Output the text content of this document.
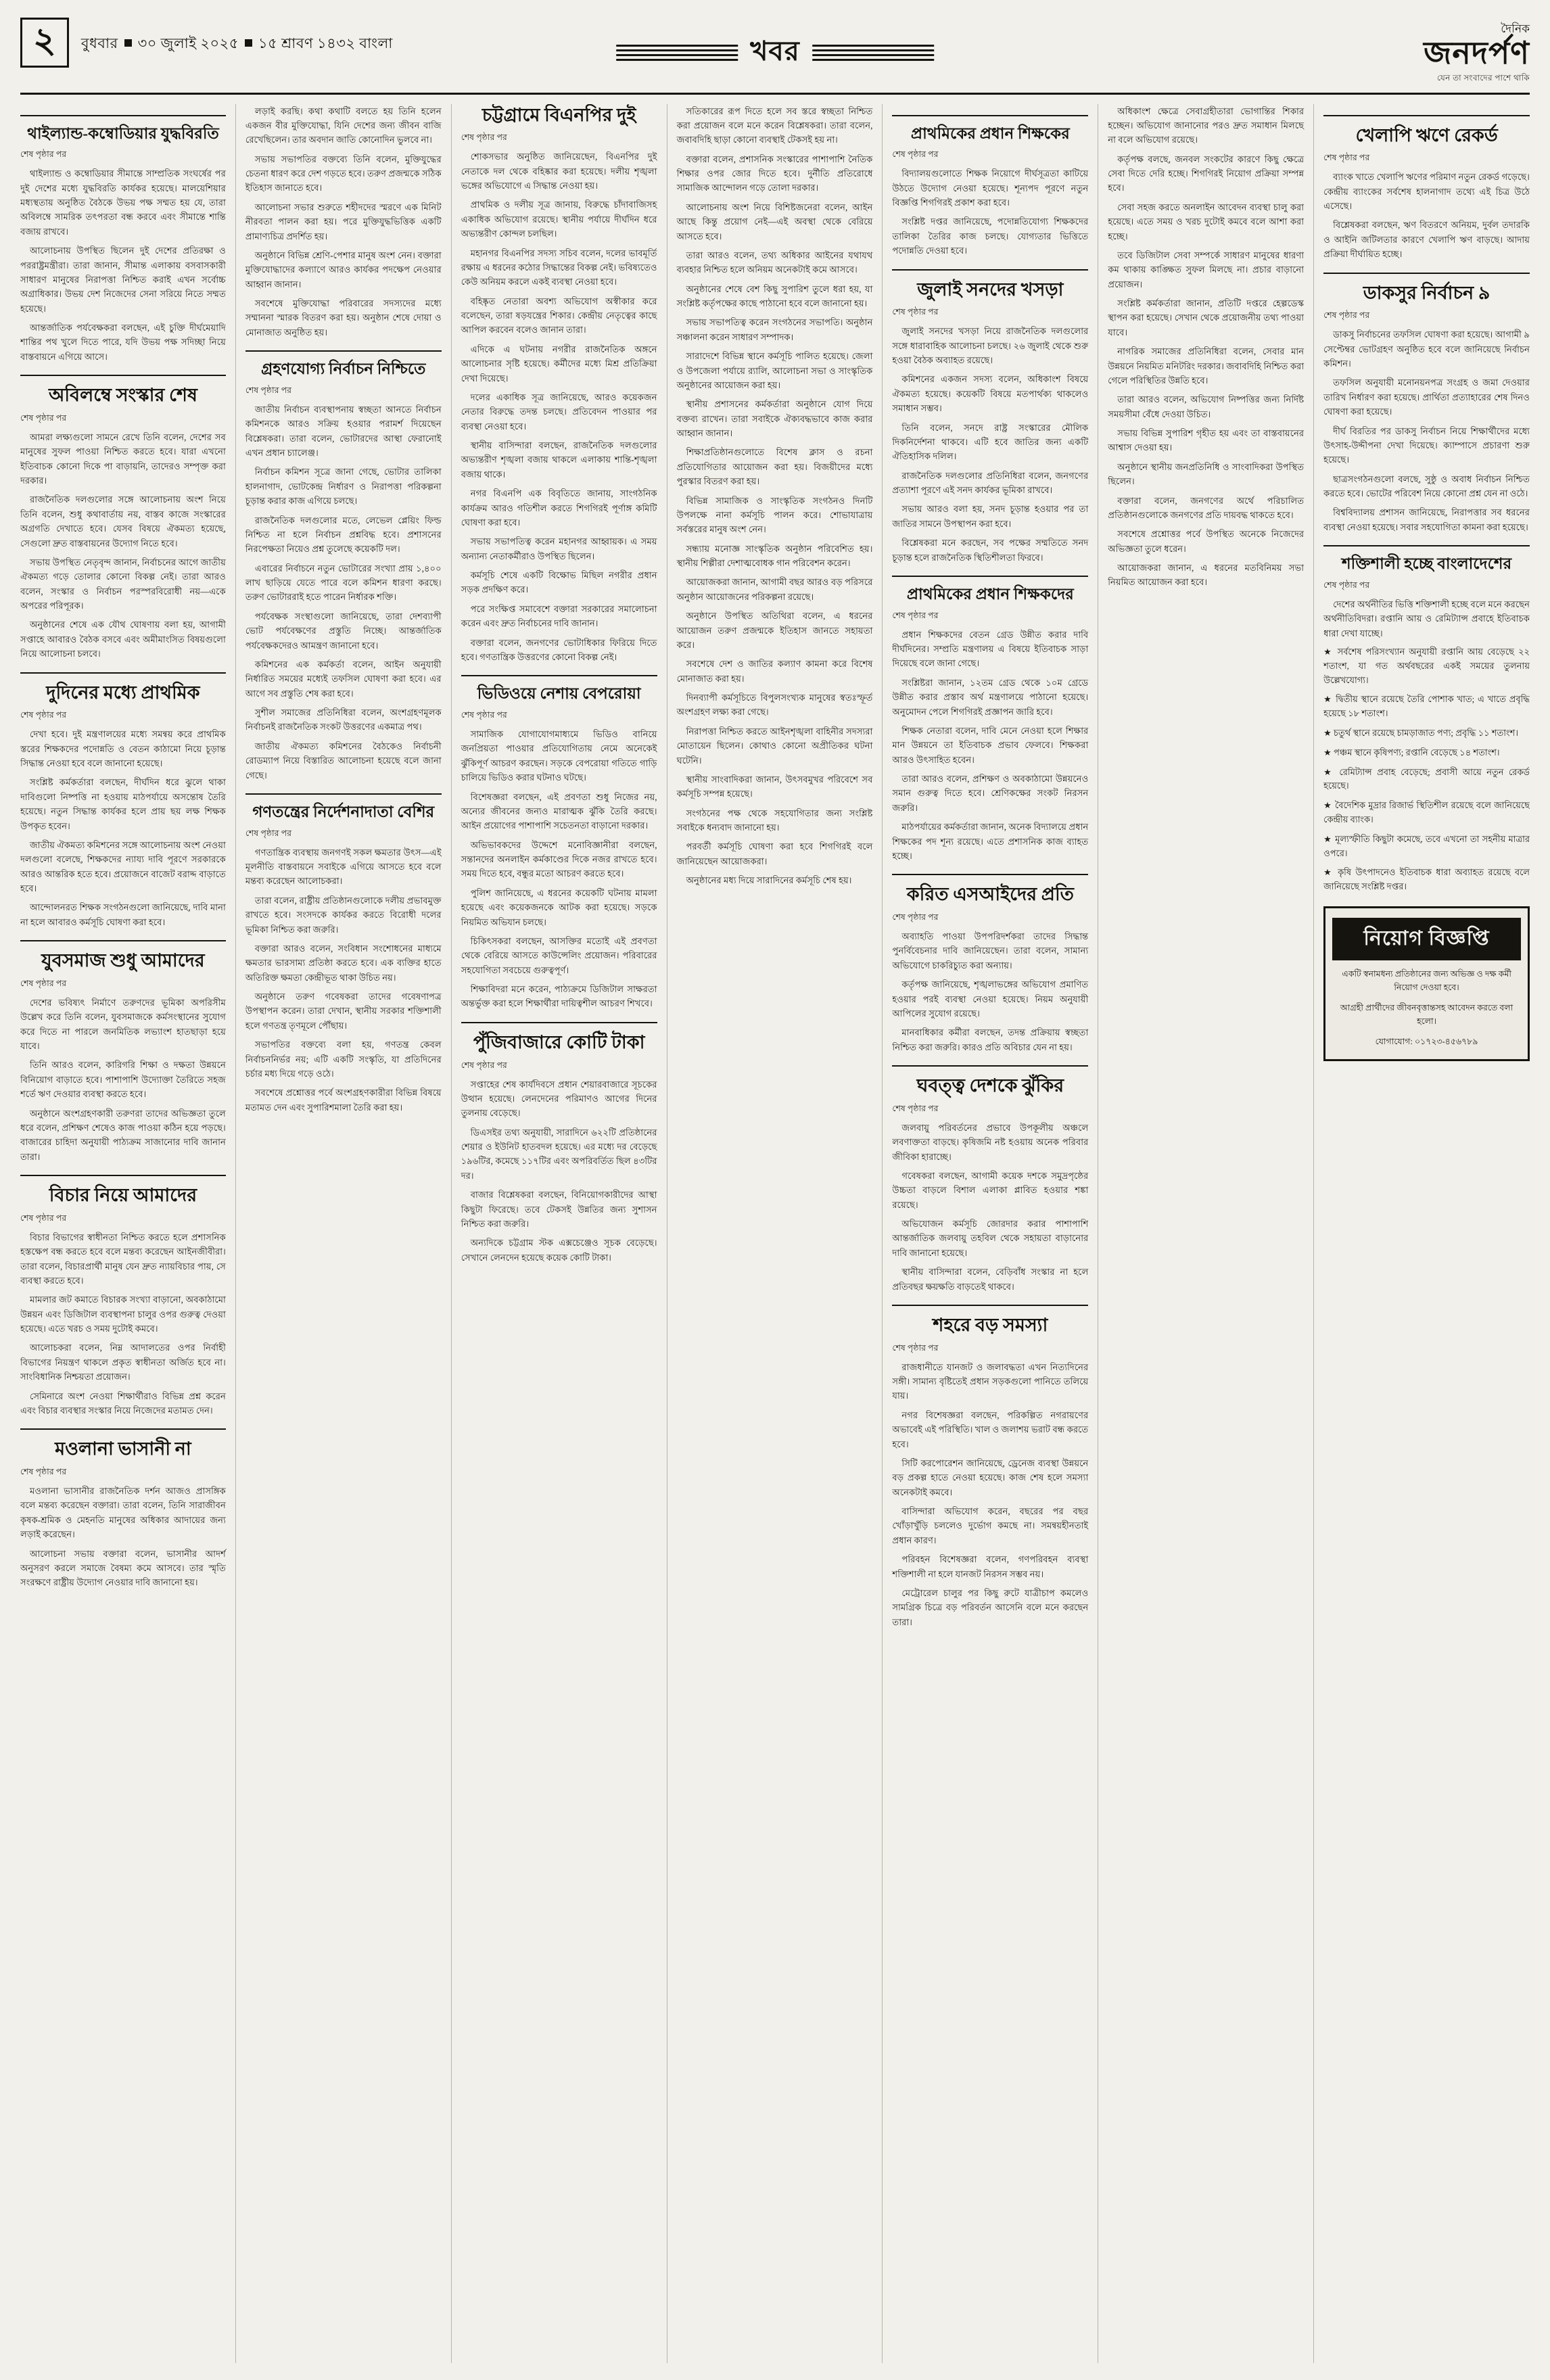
২	বুধবার ৩০ জুলাই ২০২৫ ১৫ শ্রাবণ ১৪৩২ বাংলা	খবর
দৈনিক
জনদর্পণ
যেন তা সংবাদের পাশে থাকি
থাইল্যান্ড-কম্বোডিয়ার যুদ্ধবিরতি
শেষ পৃষ্ঠার পর

থাইল্যান্ড ও কম্বোডিয়ার সীমান্তে সাম্প্রতিক সংঘর্ষের পর দুই দেশের মধ্যে যুদ্ধবিরতি কার্যকর হয়েছে। মালয়েশিয়ার মধ্যস্থতায় অনুষ্ঠিত বৈঠকে উভয় পক্ষ সম্মত হয় যে, তারা অবিলম্বে সামরিক তৎপরতা বন্ধ করবে এবং সীমান্তে শান্তি বজায় রাখবে।

আলোচনায় উপস্থিত ছিলেন দুই দেশের প্রতিরক্ষা ও পররাষ্ট্রমন্ত্রীরা। তারা জানান, সীমান্ত এলাকায় বসবাসকারী সাধারণ মানুষের নিরাপত্তা নিশ্চিত করাই এখন সর্বোচ্চ অগ্রাধিকার। উভয় দেশ নিজেদের সেনা সরিয়ে নিতে সম্মত হয়েছে।

আন্তর্জাতিক পর্যবেক্ষকরা বলছেন, এই চুক্তি দীর্ঘমেয়াদি শান্তির পথ খুলে দিতে পারে, যদি উভয় পক্ষ সদিচ্ছা নিয়ে বাস্তবায়নে এগিয়ে আসে।

অবিলম্বে সংস্কার শেষ
শেষ পৃষ্ঠার পর

আমরা লক্ষ্যগুলো সামনে রেখে তিনি বলেন, দেশের সব মানুষের সুফল পাওয়া নিশ্চিত করতে হবে। যারা এখনো ইতিবাচক কোনো দিকে পা বাড়ায়নি, তাদেরও সম্পৃক্ত করা দরকার।

রাজনৈতিক দলগুলোর সঙ্গে আলোচনায় অংশ নিয়ে তিনি বলেন, শুধু কথাবার্তায় নয়, বাস্তব কাজে সংস্কারের অগ্রগতি দেখাতে হবে। যেসব বিষয়ে ঐকমত্য হয়েছে, সেগুলো দ্রুত বাস্তবায়নের উদ্যোগ নিতে হবে।

সভায় উপস্থিত নেতৃবৃন্দ জানান, নির্বাচনের আগে জাতীয় ঐকমত্য গড়ে তোলার কোনো বিকল্প নেই। তারা আরও বলেন, সংস্কার ও নির্বাচন পরস্পরবিরোধী নয়—একে অপরের পরিপূরক।

অনুষ্ঠানের শেষে এক যৌথ ঘোষণায় বলা হয়, আগামী সপ্তাহে আবারও বৈঠক বসবে এবং অমীমাংসিত বিষয়গুলো নিয়ে আলোচনা চলবে।

দুদিনের মধ্যে প্রাথমিক
শেষ পৃষ্ঠার পর

দেখা হবে। দুই মন্ত্রণালয়ের মধ্যে সমন্বয় করে প্রাথমিক স্তরের শিক্ষকদের পদোন্নতি ও বেতন কাঠামো নিয়ে চূড়ান্ত সিদ্ধান্ত নেওয়া হবে বলে জানানো হয়েছে।

সংশ্লিষ্ট কর্মকর্তারা বলছেন, দীর্ঘদিন ধরে ঝুলে থাকা দাবিগুলো নিষ্পত্তি না হওয়ায় মাঠপর্যায়ে অসন্তোষ তৈরি হয়েছে। নতুন সিদ্ধান্ত কার্যকর হলে প্রায় ছয় লক্ষ শিক্ষক উপকৃত হবেন।

জাতীয় ঐকমত্য কমিশনের সঙ্গে আলোচনায় অংশ নেওয়া দলগুলো বলেছে, শিক্ষকদের ন্যায্য দাবি পূরণে সরকারকে আরও আন্তরিক হতে হবে। প্রয়োজনে বাজেট বরাদ্দ বাড়াতে হবে।

আন্দোলনরত শিক্ষক সংগঠনগুলো জানিয়েছে, দাবি মানা না হলে আবারও কর্মসূচি ঘোষণা করা হবে।

যুবসমাজ শুধু আমাদের
শেষ পৃষ্ঠার পর

দেশের ভবিষ্যৎ নির্মাণে তরুণদের ভূমিকা অপরিসীম উল্লেখ করে তিনি বলেন, যুবসমাজকে কর্মসংস্থানের সুযোগ করে দিতে না পারলে জনমিতিক লভ্যাংশ হাতছাড়া হয়ে যাবে।

তিনি আরও বলেন, কারিগরি শিক্ষা ও দক্ষতা উন্নয়নে বিনিয়োগ বাড়াতে হবে। পাশাপাশি উদ্যোক্তা তৈরিতে সহজ শর্তে ঋণ দেওয়ার ব্যবস্থা করতে হবে।

অনুষ্ঠানে অংশগ্রহণকারী তরুণরা তাদের অভিজ্ঞতা তুলে ধরে বলেন, প্রশিক্ষণ শেষেও কাজ পাওয়া কঠিন হয়ে পড়ছে। বাজারের চাহিদা অনুযায়ী পাঠ্যক্রম সাজানোর দাবি জানান তারা।

বিচার নিয়ে আমাদের
শেষ পৃষ্ঠার পর

বিচার বিভাগের স্বাধীনতা নিশ্চিত করতে হলে প্রশাসনিক হস্তক্ষেপ বন্ধ করতে হবে বলে মন্তব্য করেছেন আইনজীবীরা। তারা বলেন, বিচারপ্রার্থী মানুষ যেন দ্রুত ন্যায়বিচার পায়, সে ব্যবস্থা করতে হবে।

মামলার জট কমাতে বিচারক সংখ্যা বাড়ানো, অবকাঠামো উন্নয়ন এবং ডিজিটাল ব্যবস্থাপনা চালুর ওপর গুরুত্ব দেওয়া হয়েছে। এতে খরচ ও সময় দুটোই কমবে।

আলোচকরা বলেন, নিম্ন আদালতের ওপর নির্বাহী বিভাগের নিয়ন্ত্রণ থাকলে প্রকৃত স্বাধীনতা অর্জিত হবে না। সাংবিধানিক নিশ্চয়তা প্রয়োজন।

সেমিনারে অংশ নেওয়া শিক্ষার্থীরাও বিভিন্ন প্রশ্ন করেন এবং বিচার ব্যবস্থার সংস্কার নিয়ে নিজেদের মতামত দেন।

মওলানা ভাসানী না
শেষ পৃষ্ঠার পর

মওলানা ভাসানীর রাজনৈতিক দর্শন আজও প্রাসঙ্গিক বলে মন্তব্য করেছেন বক্তারা। তারা বলেন, তিনি সারাজীবন কৃষক-শ্রমিক ও মেহনতি মানুষের অধিকার আদায়ের জন্য লড়াই করেছেন।

আলোচনা সভায় বক্তারা বলেন, ভাসানীর আদর্শ অনুসরণ করলে সমাজে বৈষম্য কমে আসবে। তার স্মৃতি সংরক্ষণে রাষ্ট্রীয় উদ্যোগ নেওয়ার দাবি জানানো হয়।

লড়াই করছি। কথা কথাটি বলতে হয় তিনি হলেন একজন বীর মুক্তিযোদ্ধা, যিনি দেশের জন্য জীবন বাজি রেখেছিলেন। তার অবদান জাতি কোনোদিন ভুলবে না।

সভায় সভাপতির বক্তব্যে তিনি বলেন, মুক্তিযুদ্ধের চেতনা ধারণ করে দেশ গড়তে হবে। তরুণ প্রজন্মকে সঠিক ইতিহাস জানাতে হবে।

আলোচনা সভার শুরুতে শহীদদের স্মরণে এক মিনিট নীরবতা পালন করা হয়। পরে মুক্তিযুদ্ধভিত্তিক একটি প্রামাণ্যচিত্র প্রদর্শিত হয়।

অনুষ্ঠানে বিভিন্ন শ্রেণি-পেশার মানুষ অংশ নেন। বক্তারা মুক্তিযোদ্ধাদের কল্যাণে আরও কার্যকর পদক্ষেপ নেওয়ার আহ্বান জানান।

সবশেষে মুক্তিযোদ্ধা পরিবারের সদস্যদের মধ্যে সম্মাননা স্মারক বিতরণ করা হয়। অনুষ্ঠান শেষে দোয়া ও মোনাজাত অনুষ্ঠিত হয়।

গ্রহণযোগ্য নির্বাচন নিশ্চিতে
শেষ পৃষ্ঠার পর

জাতীয় নির্বাচন ব্যবস্থাপনায় স্বচ্ছতা আনতে নির্বাচন কমিশনকে আরও সক্রিয় হওয়ার পরামর্শ দিয়েছেন বিশ্লেষকরা। তারা বলেন, ভোটারদের আস্থা ফেরানোই এখন প্রধান চ্যালেঞ্জ।

নির্বাচন কমিশন সূত্রে জানা গেছে, ভোটার তালিকা হালনাগাদ, ভোটকেন্দ্র নির্ধারণ ও নিরাপত্তা পরিকল্পনা চূড়ান্ত করার কাজ এগিয়ে চলছে।

রাজনৈতিক দলগুলোর মতে, লেভেল প্লেয়িং ফিল্ড নিশ্চিত না হলে নির্বাচন প্রশ্নবিদ্ধ হবে। প্রশাসনের নিরপেক্ষতা নিয়েও প্রশ্ন তুলেছে কয়েকটি দল।

এবারের নির্বাচনে নতুন ভোটারের সংখ্যা প্রায় ১,৪০০ লাখ ছাড়িয়ে যেতে পারে বলে কমিশন ধারণা করছে। তরুণ ভোটাররাই হতে পারেন নির্ধারক শক্তি।

পর্যবেক্ষক সংস্থাগুলো জানিয়েছে, তারা দেশব্যাপী ভোট পর্যবেক্ষণের প্রস্তুতি নিচ্ছে। আন্তর্জাতিক পর্যবেক্ষকদেরও আমন্ত্রণ জানানো হবে।

কমিশনের এক কর্মকর্তা বলেন, আইন অনুযায়ী নির্ধারিত সময়ের মধ্যেই তফসিল ঘোষণা করা হবে। এর আগে সব প্রস্তুতি শেষ করা হবে।

সুশীল সমাজের প্রতিনিধিরা বলেন, অংশগ্রহণমূলক নির্বাচনই রাজনৈতিক সংকট উত্তরণের একমাত্র পথ।

জাতীয় ঐকমত্য কমিশনের বৈঠকেও নির্বাচনী রোডম্যাপ নিয়ে বিস্তারিত আলোচনা হয়েছে বলে জানা গেছে।

গণতন্ত্রের নির্দেশনাদাতা বেশির
শেষ পৃষ্ঠার পর

গণতান্ত্রিক ব্যবস্থায় জনগণই সকল ক্ষমতার উৎস—এই মূলনীতি বাস্তবায়নে সবাইকে এগিয়ে আসতে হবে বলে মন্তব্য করেছেন আলোচকরা।

তারা বলেন, রাষ্ট্রীয় প্রতিষ্ঠানগুলোকে দলীয় প্রভাবমুক্ত রাখতে হবে। সংসদকে কার্যকর করতে বিরোধী দলের ভূমিকা নিশ্চিত করা জরুরি।

বক্তারা আরও বলেন, সংবিধান সংশোধনের মাধ্যমে ক্ষমতার ভারসাম্য প্রতিষ্ঠা করতে হবে। এক ব্যক্তির হাতে অতিরিক্ত ক্ষমতা কেন্দ্রীভূত থাকা উচিত নয়।

অনুষ্ঠানে তরুণ গবেষকরা তাদের গবেষণাপত্র উপস্থাপন করেন। তারা দেখান, স্থানীয় সরকার শক্তিশালী হলে গণতন্ত্র তৃণমূলে পৌঁছায়।

সভাপতির বক্তব্যে বলা হয়, গণতন্ত্র কেবল নির্বাচননির্ভর নয়; এটি একটি সংস্কৃতি, যা প্রতিদিনের চর্চার মধ্য দিয়ে গড়ে ওঠে।

সবশেষে প্রশ্নোত্তর পর্বে অংশগ্রহণকারীরা বিভিন্ন বিষয়ে মতামত দেন এবং সুপারিশমালা তৈরি করা হয়।

চট্টগ্রামে বিএনপির দুই
শেষ পৃষ্ঠার পর

শোকসভার অনুষ্ঠিত জানিয়েছেন, বিএনপির দুই নেতাকে দল থেকে বহিষ্কার করা হয়েছে। দলীয় শৃঙ্খলা ভঙ্গের অভিযোগে এ সিদ্ধান্ত নেওয়া হয়।

প্রাথমিক ও দলীয় সূত্র জানায়, বিরুদ্ধে চাঁদাবাজিসহ একাধিক অভিযোগ রয়েছে। স্থানীয় পর্যায়ে দীর্ঘদিন ধরে অভ্যন্তরীণ কোন্দল চলছিল।

মহানগর বিএনপির সদস্য সচিব বলেন, দলের ভাবমূর্তি রক্ষায় এ ধরনের কঠোর সিদ্ধান্তের বিকল্প নেই। ভবিষ্যতেও কেউ অনিয়ম করলে একই ব্যবস্থা নেওয়া হবে।

বহিষ্কৃত নেতারা অবশ্য অভিযোগ অস্বীকার করে বলেছেন, তারা ষড়যন্ত্রের শিকার। কেন্দ্রীয় নেতৃত্বের কাছে আপিল করবেন বলেও জানান তারা।

এদিকে এ ঘটনায় নগরীর রাজনৈতিক অঙ্গনে আলোচনার সৃষ্টি হয়েছে। কর্মীদের মধ্যে মিশ্র প্রতিক্রিয়া দেখা দিয়েছে।

দলের একাধিক সূত্র জানিয়েছে, আরও কয়েকজন নেতার বিরুদ্ধে তদন্ত চলছে। প্রতিবেদন পাওয়ার পর ব্যবস্থা নেওয়া হবে।

স্থানীয় বাসিন্দারা বলছেন, রাজনৈতিক দলগুলোর অভ্যন্তরীণ শৃঙ্খলা বজায় থাকলে এলাকায় শান্তি-শৃঙ্খলা বজায় থাকে।

নগর বিএনপি এক বিবৃতিতে জানায়, সাংগঠনিক কার্যক্রম আরও গতিশীল করতে শিগগিরই পূর্ণাঙ্গ কমিটি ঘোষণা করা হবে।

সভায় সভাপতিত্ব করেন মহানগর আহ্বায়ক। এ সময় অন্যান্য নেতাকর্মীরাও উপস্থিত ছিলেন।

কর্মসূচি শেষে একটি বিক্ষোভ মিছিল নগরীর প্রধান সড়ক প্রদক্ষিণ করে।

পরে সংক্ষিপ্ত সমাবেশে বক্তারা সরকারের সমালোচনা করেন এবং দ্রুত নির্বাচনের দাবি জানান।

বক্তারা বলেন, জনগণের ভোটাধিকার ফিরিয়ে দিতে হবে। গণতান্ত্রিক উত্তরণের কোনো বিকল্প নেই।

ভিডিওয়ে নেশায় বেপরোয়া
শেষ পৃষ্ঠার পর

সামাজিক যোগাযোগমাধ্যমে ভিডিও বানিয়ে জনপ্রিয়তা পাওয়ার প্রতিযোগিতায় নেমে অনেকেই ঝুঁকিপূর্ণ আচরণ করছেন। সড়কে বেপরোয়া গতিতে গাড়ি চালিয়ে ভিডিও করার ঘটনাও ঘটছে।

বিশেষজ্ঞরা বলছেন, এই প্রবণতা শুধু নিজের নয়, অন্যের জীবনের জন্যও মারাত্মক ঝুঁকি তৈরি করছে। আইন প্রয়োগের পাশাপাশি সচেতনতা বাড়ানো দরকার।

অভিভাবকদের উদ্দেশে মনোবিজ্ঞানীরা বলছেন, সন্তানদের অনলাইন কর্মকাণ্ডের দিকে নজর রাখতে হবে। সময় দিতে হবে, বন্ধুর মতো আচরণ করতে হবে।

পুলিশ জানিয়েছে, এ ধরনের কয়েকটি ঘটনায় মামলা হয়েছে এবং কয়েকজনকে আটক করা হয়েছে। সড়কে নিয়মিত অভিযান চলছে।

চিকিৎসকরা বলছেন, আসক্তির মতোই এই প্রবণতা থেকে বেরিয়ে আসতে কাউন্সেলিং প্রয়োজন। পরিবারের সহযোগিতা সবচেয়ে গুরুত্বপূর্ণ।

শিক্ষাবিদরা মনে করেন, পাঠ্যক্রমে ডিজিটাল সাক্ষরতা অন্তর্ভুক্ত করা হলে শিক্ষার্থীরা দায়িত্বশীল আচরণ শিখবে।

পুঁজিবাজারে কোটি টাকা
শেষ পৃষ্ঠার পর

সপ্তাহের শেষ কার্যদিবসে প্রধান শেয়ারবাজারে সূচকের উত্থান হয়েছে। লেনদেনের পরিমাণও আগের দিনের তুলনায় বেড়েছে।

ডিএসইর তথ্য অনুযায়ী, সারাদিনে ৬২২টি প্রতিষ্ঠানের শেয়ার ও ইউনিট হাতবদল হয়েছে। এর মধ্যে দর বেড়েছে ১৯৬টির, কমেছে ১১৭টির এবং অপরিবর্তিত ছিল ৪৩টির দর।

বাজার বিশ্লেষকরা বলছেন, বিনিয়োগকারীদের আস্থা কিছুটা ফিরেছে। তবে টেকসই উন্নতির জন্য সুশাসন নিশ্চিত করা জরুরি।

অন্যদিকে চট্টগ্রাম স্টক এক্সচেঞ্জেও সূচক বেড়েছে। সেখানে লেনদেন হয়েছে কয়েক কোটি টাকা।

সতিকারের রূপ দিতে হলে সব স্তরে স্বচ্ছতা নিশ্চিত করা প্রয়োজন বলে মনে করেন বিশ্লেষকরা। তারা বলেন, জবাবদিহি ছাড়া কোনো ব্যবস্থাই টেকসই হয় না।

বক্তারা বলেন, প্রশাসনিক সংস্কারের পাশাপাশি নৈতিক শিক্ষার ওপর জোর দিতে হবে। দুর্নীতি প্রতিরোধে সামাজিক আন্দোলন গড়ে তোলা দরকার।

আলোচনায় অংশ নিয়ে বিশিষ্টজনেরা বলেন, আইন আছে কিন্তু প্রয়োগ নেই—এই অবস্থা থেকে বেরিয়ে আসতে হবে।

তারা আরও বলেন, তথ্য অধিকার আইনের যথাযথ ব্যবহার নিশ্চিত হলে অনিয়ম অনেকটাই কমে আসবে।

অনুষ্ঠানের শেষে বেশ কিছু সুপারিশ তুলে ধরা হয়, যা সংশ্লিষ্ট কর্তৃপক্ষের কাছে পাঠানো হবে বলে জানানো হয়।

সভায় সভাপতিত্ব করেন সংগঠনের সভাপতি। অনুষ্ঠান সঞ্চালনা করেন সাধারণ সম্পাদক।

সারাদেশে বিভিন্ন স্থানে কর্মসূচি পালিত হয়েছে। জেলা ও উপজেলা পর্যায়ে র‍্যালি, আলোচনা সভা ও সাংস্কৃতিক অনুষ্ঠানের আয়োজন করা হয়।

স্থানীয় প্রশাসনের কর্মকর্তারা অনুষ্ঠানে যোগ দিয়ে বক্তব্য রাখেন। তারা সবাইকে ঐক্যবদ্ধভাবে কাজ করার আহ্বান জানান।

শিক্ষাপ্রতিষ্ঠানগুলোতে বিশেষ ক্লাস ও রচনা প্রতিযোগিতার আয়োজন করা হয়। বিজয়ীদের মধ্যে পুরস্কার বিতরণ করা হয়।

বিভিন্ন সামাজিক ও সাংস্কৃতিক সংগঠনও দিনটি উপলক্ষে নানা কর্মসূচি পালন করে। শোভাযাত্রায় সর্বস্তরের মানুষ অংশ নেন।

সন্ধ্যায় মনোজ্ঞ সাংস্কৃতিক অনুষ্ঠান পরিবেশিত হয়। স্থানীয় শিল্পীরা দেশাত্মবোধক গান পরিবেশন করেন।

আয়োজকরা জানান, আগামী বছর আরও বড় পরিসরে অনুষ্ঠান আয়োজনের পরিকল্পনা রয়েছে।

অনুষ্ঠানে উপস্থিত অতিথিরা বলেন, এ ধরনের আয়োজন তরুণ প্রজন্মকে ইতিহাস জানতে সহায়তা করে।

সবশেষে দেশ ও জাতির কল্যাণ কামনা করে বিশেষ মোনাজাত করা হয়।

দিনব্যাপী কর্মসূচিতে বিপুলসংখ্যক মানুষের স্বতঃস্ফূর্ত অংশগ্রহণ লক্ষ্য করা গেছে।

নিরাপত্তা নিশ্চিত করতে আইনশৃঙ্খলা বাহিনীর সদস্যরা মোতায়েন ছিলেন। কোথাও কোনো অপ্রীতিকর ঘটনা ঘটেনি।

স্থানীয় সাংবাদিকরা জানান, উৎসবমুখর পরিবেশে সব কর্মসূচি সম্পন্ন হয়েছে।

সংগঠনের পক্ষ থেকে সহযোগিতার জন্য সংশ্লিষ্ট সবাইকে ধন্যবাদ জানানো হয়।

পরবর্তী কর্মসূচি ঘোষণা করা হবে শিগগিরই বলে জানিয়েছেন আয়োজকরা।

অনুষ্ঠানের মধ্য দিয়ে সারাদিনের কর্মসূচি শেষ হয়।

প্রাথমিকের প্রধান শিক্ষকের
শেষ পৃষ্ঠার পর

বিদ্যালয়গুলোতে শিক্ষক নিয়োগে দীর্ঘসূত্রতা কাটিয়ে উঠতে উদ্যোগ নেওয়া হয়েছে। শূন্যপদ পূরণে নতুন বিজ্ঞপ্তি শিগগিরই প্রকাশ করা হবে।

সংশ্লিষ্ট দপ্তর জানিয়েছে, পদোন্নতিযোগ্য শিক্ষকদের তালিকা তৈরির কাজ চলছে। যোগ্যতার ভিত্তিতে পদোন্নতি দেওয়া হবে।

জুলাই সনদের খসড়া
শেষ পৃষ্ঠার পর

জুলাই সনদের খসড়া নিয়ে রাজনৈতিক দলগুলোর সঙ্গে ধারাবাহিক আলোচনা চলছে। ২৬ জুলাই থেকে শুরু হওয়া বৈঠক অব্যাহত রয়েছে।

কমিশনের একজন সদস্য বলেন, অধিকাংশ বিষয়ে ঐকমত্য হয়েছে। কয়েকটি বিষয়ে মতপার্থক্য থাকলেও সমাধান সম্ভব।

তিনি বলেন, সনদে রাষ্ট্র সংস্কারের মৌলিক দিকনির্দেশনা থাকবে। এটি হবে জাতির জন্য একটি ঐতিহাসিক দলিল।

রাজনৈতিক দলগুলোর প্রতিনিধিরা বলেন, জনগণের প্রত্যাশা পূরণে এই সনদ কার্যকর ভূমিকা রাখবে।

সভায় আরও বলা হয়, সনদ চূড়ান্ত হওয়ার পর তা জাতির সামনে উপস্থাপন করা হবে।

বিশ্লেষকরা মনে করছেন, সব পক্ষের সম্মতিতে সনদ চূড়ান্ত হলে রাজনৈতিক স্থিতিশীলতা ফিরবে।

প্রাথমিকের প্রধান শিক্ষকদের
শেষ পৃষ্ঠার পর

প্রধান শিক্ষকদের বেতন গ্রেড উন্নীত করার দাবি দীর্ঘদিনের। সম্প্রতি মন্ত্রণালয় এ বিষয়ে ইতিবাচক সাড়া দিয়েছে বলে জানা গেছে।

সংশ্লিষ্টরা জানান, ১২তম গ্রেড থেকে ১০ম গ্রেডে উন্নীত করার প্রস্তাব অর্থ মন্ত্রণালয়ে পাঠানো হয়েছে। অনুমোদন পেলে শিগগিরই প্রজ্ঞাপন জারি হবে।

শিক্ষক নেতারা বলেন, দাবি মেনে নেওয়া হলে শিক্ষার মান উন্নয়নে তা ইতিবাচক প্রভাব ফেলবে। শিক্ষকরা আরও উৎসাহিত হবেন।

তারা আরও বলেন, প্রশিক্ষণ ও অবকাঠামো উন্নয়নেও সমান গুরুত্ব দিতে হবে। শ্রেণিকক্ষের সংকট নিরসন জরুরি।

মাঠপর্যায়ের কর্মকর্তারা জানান, অনেক বিদ্যালয়ে প্রধান শিক্ষকের পদ শূন্য রয়েছে। এতে প্রশাসনিক কাজ ব্যাহত হচ্ছে।

করিত এসআইদের প্রতি
শেষ পৃষ্ঠার পর

অব্যাহতি পাওয়া উপপরিদর্শকরা তাদের সিদ্ধান্ত পুনর্বিবেচনার দাবি জানিয়েছেন। তারা বলেন, সামান্য অভিযোগে চাকরিচ্যুত করা অন্যায়।

কর্তৃপক্ষ জানিয়েছে, শৃঙ্খলাভঙ্গের অভিযোগ প্রমাণিত হওয়ার পরই ব্যবস্থা নেওয়া হয়েছে। নিয়ম অনুযায়ী আপিলের সুযোগ রয়েছে।

মানবাধিকার কর্মীরা বলছেন, তদন্ত প্রক্রিয়ায় স্বচ্ছতা নিশ্চিত করা জরুরি। কারও প্রতি অবিচার যেন না হয়।

ঘবত্ত্ব দেশকে ঝুঁকির
শেষ পৃষ্ঠার পর

জলবায়ু পরিবর্তনের প্রভাবে উপকূলীয় অঞ্চলে লবণাক্ততা বাড়ছে। কৃষিজমি নষ্ট হওয়ায় অনেক পরিবার জীবিকা হারাচ্ছে।

গবেষকরা বলছেন, আগামী কয়েক দশকে সমুদ্রপৃষ্ঠের উচ্চতা বাড়লে বিশাল এলাকা প্লাবিত হওয়ার শঙ্কা রয়েছে।

অভিযোজন কর্মসূচি জোরদার করার পাশাপাশি আন্তর্জাতিক জলবায়ু তহবিল থেকে সহায়তা বাড়ানোর দাবি জানানো হয়েছে।

স্থানীয় বাসিন্দারা বলেন, বেড়িবাঁধ সংস্কার না হলে প্রতিবছর ক্ষয়ক্ষতি বাড়তেই থাকবে।

শহরে বড় সমস্যা
শেষ পৃষ্ঠার পর

রাজধানীতে যানজট ও জলাবদ্ধতা এখন নিত্যদিনের সঙ্গী। সামান্য বৃষ্টিতেই প্রধান সড়কগুলো পানিতে তলিয়ে যায়।

নগর বিশেষজ্ঞরা বলছেন, পরিকল্পিত নগরায়ণের অভাবেই এই পরিস্থিতি। খাল ও জলাশয় ভরাট বন্ধ করতে হবে।

সিটি করপোরেশন জানিয়েছে, ড্রেনেজ ব্যবস্থা উন্নয়নে বড় প্রকল্প হাতে নেওয়া হয়েছে। কাজ শেষ হলে সমস্যা অনেকটাই কমবে।

বাসিন্দারা অভিযোগ করেন, বছরের পর বছর খোঁড়াখুঁড়ি চললেও দুর্ভোগ কমছে না। সমন্বয়হীনতাই প্রধান কারণ।

পরিবহন বিশেষজ্ঞরা বলেন, গণপরিবহন ব্যবস্থা শক্তিশালী না হলে যানজট নিরসন সম্ভব নয়।

মেট্রোরেল চালুর পর কিছু রুটে যাত্রীচাপ কমলেও সামগ্রিক চিত্রে বড় পরিবর্তন আসেনি বলে মনে করছেন তারা।

অধিকাংশ ক্ষেত্রে সেবাগ্রহীতারা ভোগান্তির শিকার হচ্ছেন। অভিযোগ জানানোর পরও দ্রুত সমাধান মিলছে না বলে অভিযোগ রয়েছে।

কর্তৃপক্ষ বলছে, জনবল সংকটের কারণে কিছু ক্ষেত্রে সেবা দিতে দেরি হচ্ছে। শিগগিরই নিয়োগ প্রক্রিয়া সম্পন্ন হবে।

সেবা সহজ করতে অনলাইন আবেদন ব্যবস্থা চালু করা হয়েছে। এতে সময় ও খরচ দুটোই কমবে বলে আশা করা হচ্ছে।

তবে ডিজিটাল সেবা সম্পর্কে সাধারণ মানুষের ধারণা কম থাকায় কাঙ্ক্ষিত সুফল মিলছে না। প্রচার বাড়ানো প্রয়োজন।

সংশ্লিষ্ট কর্মকর্তারা জানান, প্রতিটি দপ্তরে হেল্পডেস্ক স্থাপন করা হয়েছে। সেখান থেকে প্রয়োজনীয় তথ্য পাওয়া যাবে।

নাগরিক সমাজের প্রতিনিধিরা বলেন, সেবার মান উন্নয়নে নিয়মিত মনিটরিং দরকার। জবাবদিহি নিশ্চিত করা গেলে পরিস্থিতির উন্নতি হবে।

তারা আরও বলেন, অভিযোগ নিষ্পত্তির জন্য নির্দিষ্ট সময়সীমা বেঁধে দেওয়া উচিত।

সভায় বিভিন্ন সুপারিশ গৃহীত হয় এবং তা বাস্তবায়নের আশ্বাস দেওয়া হয়।

অনুষ্ঠানে স্থানীয় জনপ্রতিনিধি ও সাংবাদিকরা উপস্থিত ছিলেন।

বক্তারা বলেন, জনগণের অর্থে পরিচালিত প্রতিষ্ঠানগুলোকে জনগণের প্রতি দায়বদ্ধ থাকতে হবে।

সবশেষে প্রশ্নোত্তর পর্বে উপস্থিত অনেকে নিজেদের অভিজ্ঞতা তুলে ধরেন।

আয়োজকরা জানান, এ ধরনের মতবিনিময় সভা নিয়মিত আয়োজন করা হবে।

খেলাপি ঋণে রেকর্ড
শেষ পৃষ্ঠার পর

ব্যাংক খাতে খেলাপি ঋণের পরিমাণ নতুন রেকর্ড গড়েছে। কেন্দ্রীয় ব্যাংকের সর্বশেষ হালনাগাদ তথ্যে এই চিত্র উঠে এসেছে।

বিশ্লেষকরা বলছেন, ঋণ বিতরণে অনিয়ম, দুর্বল তদারকি ও আইনি জটিলতার কারণে খেলাপি ঋণ বাড়ছে। আদায় প্রক্রিয়া দীর্ঘায়িত হচ্ছে।

ডাকসুর নির্বাচন ৯
শেষ পৃষ্ঠার পর

ডাকসু নির্বাচনের তফসিল ঘোষণা করা হয়েছে। আগামী ৯ সেপ্টেম্বর ভোটগ্রহণ অনুষ্ঠিত হবে বলে জানিয়েছে নির্বাচন কমিশন।

তফসিল অনুযায়ী মনোনয়নপত্র সংগ্রহ ও জমা দেওয়ার তারিখ নির্ধারণ করা হয়েছে। প্রার্থিতা প্রত্যাহারের শেষ দিনও ঘোষণা করা হয়েছে।

দীর্ঘ বিরতির পর ডাকসু নির্বাচন নিয়ে শিক্ষার্থীদের মধ্যে উৎসাহ-উদ্দীপনা দেখা দিয়েছে। ক্যাম্পাসে প্রচারণা শুরু হয়েছে।

ছাত্রসংগঠনগুলো বলছে, সুষ্ঠু ও অবাধ নির্বাচন নিশ্চিত করতে হবে। ভোটের পরিবেশ নিয়ে কোনো প্রশ্ন যেন না ওঠে।

বিশ্ববিদ্যালয় প্রশাসন জানিয়েছে, নিরাপত্তার সব ধরনের ব্যবস্থা নেওয়া হয়েছে। সবার সহযোগিতা কামনা করা হয়েছে।

শক্তিশালী হচ্ছে বাংলাদেশের
শেষ পৃষ্ঠার পর

দেশের অর্থনীতির ভিত্তি শক্তিশালী হচ্ছে বলে মনে করছেন অর্থনীতিবিদরা। রপ্তানি আয় ও রেমিট্যান্স প্রবাহে ইতিবাচক ধারা দেখা যাচ্ছে।

★ সর্বশেষ পরিসংখ্যান অনুযায়ী রপ্তানি আয় বেড়েছে ২২ শতাংশ, যা গত অর্থবছরের একই সময়ের তুলনায় উল্লেখযোগ্য।

★ দ্বিতীয় স্থানে রয়েছে তৈরি পোশাক খাত; এ খাতে প্রবৃদ্ধি হয়েছে ১৮ শতাংশ।

★ চতুর্থ স্থানে রয়েছে চামড়াজাত পণ্য; প্রবৃদ্ধি ১১ শতাংশ।

★ পঞ্চম স্থানে কৃষিপণ্য; রপ্তানি বেড়েছে ১৪ শতাংশ।

★ রেমিট্যান্স প্রবাহ বেড়েছে; প্রবাসী আয়ে নতুন রেকর্ড হয়েছে।

★ বৈদেশিক মুদ্রার রিজার্ভ স্থিতিশীল রয়েছে বলে জানিয়েছে কেন্দ্রীয় ব্যাংক।

★ মূল্যস্ফীতি কিছুটা কমেছে, তবে এখনো তা সহনীয় মাত্রার ওপরে।

★ কৃষি উৎপাদনেও ইতিবাচক ধারা অব্যাহত রয়েছে বলে জানিয়েছে সংশ্লিষ্ট দপ্তর।

নিয়োগ বিজ্ঞপ্তি
একটি স্বনামধন্য প্রতিষ্ঠানের জন্য অভিজ্ঞ ও দক্ষ কর্মী নিয়োগ দেওয়া হবে।
আগ্রহী প্রার্থীদের জীবনবৃত্তান্তসহ আবেদন করতে বলা হলো।
যোগাযোগ: ০১৭২৩-৪৫৬৭৮৯
